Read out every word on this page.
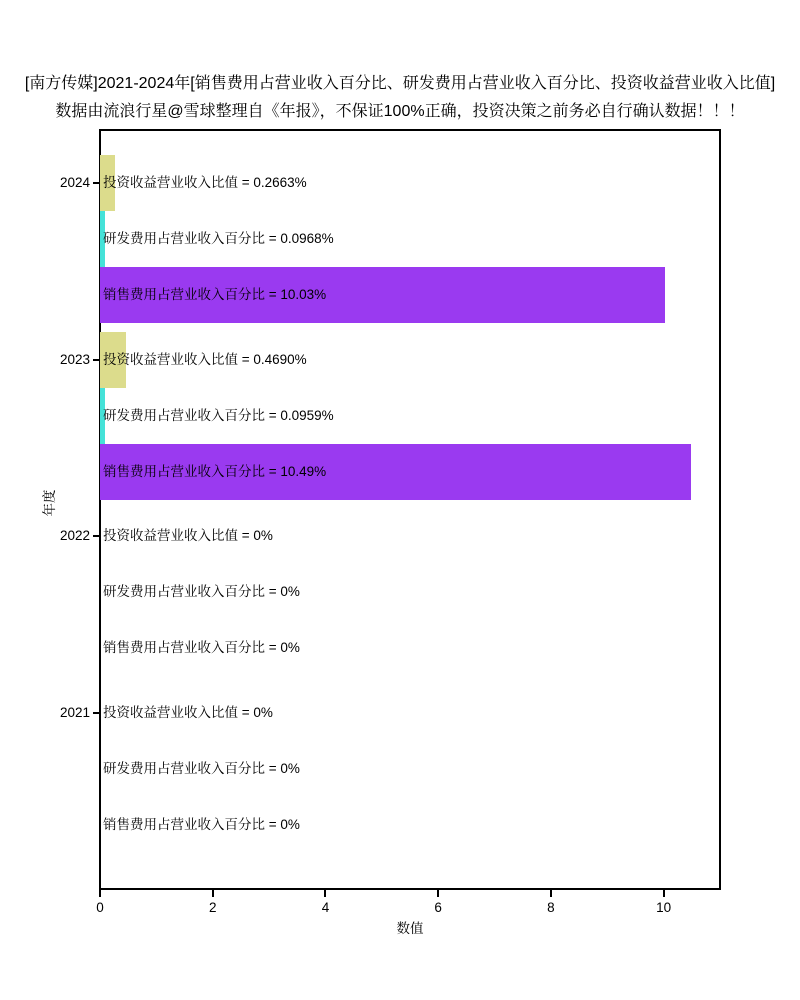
[南方传媒]2021-2024年[销售费用占营业收入百分比、研发费用占营业收入百分比、投资收益营业收入比值]
数据由流浪行星@雪球整理自《年报》，不保证100%正确，投资决策之前务必自行确认数据！！！
投资收益营业收入比值 = 0.2663%
研发费用占营业收入百分比 = 0.0968%
销售费用占营业收入百分比 = 10.03%
投资收益营业收入比值 = 0.4690%
研发费用占营业收入百分比 = 0.0959%
销售费用占营业收入百分比 = 10.49%
投资收益营业收入比值 = 0%
研发费用占营业收入百分比 = 0%
销售费用占营业收入百分比 = 0%
投资收益营业收入比值 = 0%
研发费用占营业收入百分比 = 0%
销售费用占营业收入百分比 = 0%
2024
2023
2022
2021
0	2	4	6	8	10
数值
年度
